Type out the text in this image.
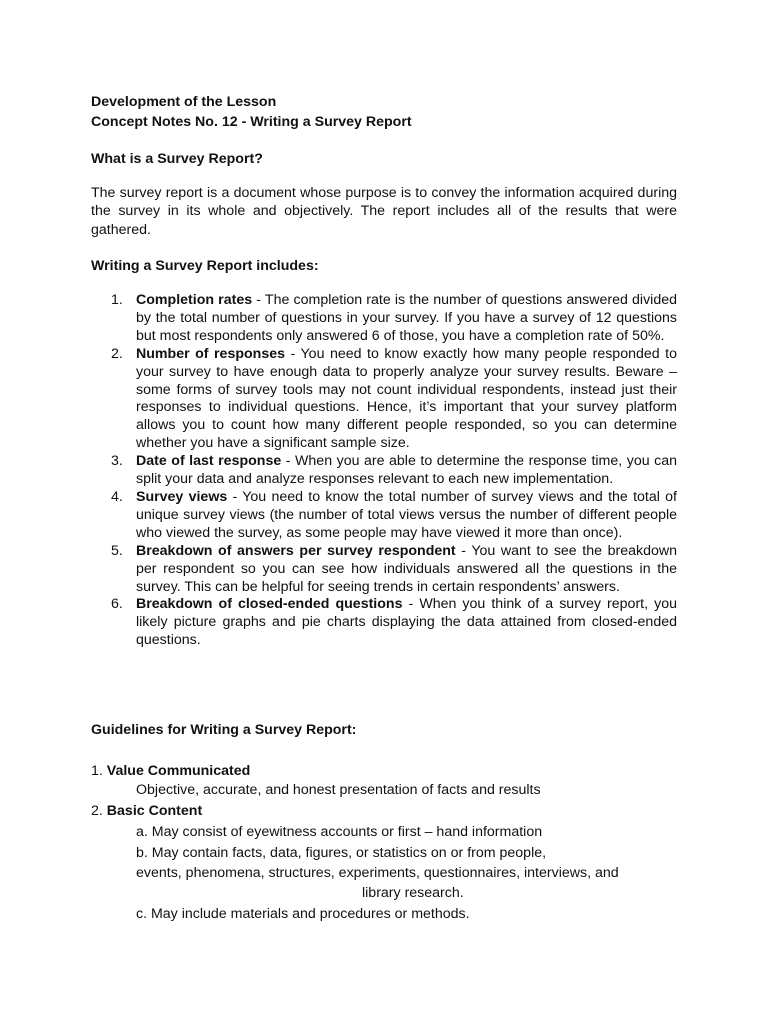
Development of the Lesson
Concept Notes No. 12 - Writing a Survey Report
What is a Survey Report?

The survey report is a document whose purpose is to convey the information acquired during the survey in its whole and objectively. The report includes all of the results that were gathered.

Writing a Survey Report includes:
1. Completion rates - The completion rate is the number of questions answered divided by the total number of questions in your survey. If you have a survey of 12 questions but most respondents only answered 6 of those, you have a completion rate of 50%.
2. Number of responses - You need to know exactly how many people responded to your survey to have enough data to properly analyze your survey results. Beware – some forms of survey tools may not count individual respondents, instead just their responses to individual questions. Hence, it’s important that your survey platform allows you to count how many different people responded, so you can determine whether you have a significant sample size.
3. Date of last response - When you are able to determine the response time, you can split your data and analyze responses relevant to each new implementation.
4. Survey views - You need to know the total number of survey views and the total of unique survey views (the number of total views versus the number of different people who viewed the survey, as some people may have viewed it more than once).
5. Breakdown of answers per survey respondent - You want to see the breakdown per respondent so you can see how individuals answered all the questions in the survey. This can be helpful for seeing trends in certain respondents’ answers.
6. Breakdown of closed-ended questions - When you think of a survey report, you likely picture graphs and pie charts displaying the data attained from closed-ended questions.
Guidelines for Writing a Survey Report:
1. Value Communicated
Objective, accurate, and honest presentation of facts and results
2. Basic Content
a. May consist of eyewitness accounts or first – hand information
b. May contain facts, data, figures, or statistics on or from people,
events, phenomena, structures, experiments, questionnaires, interviews, and
library research.
c. May include materials and procedures or methods.
